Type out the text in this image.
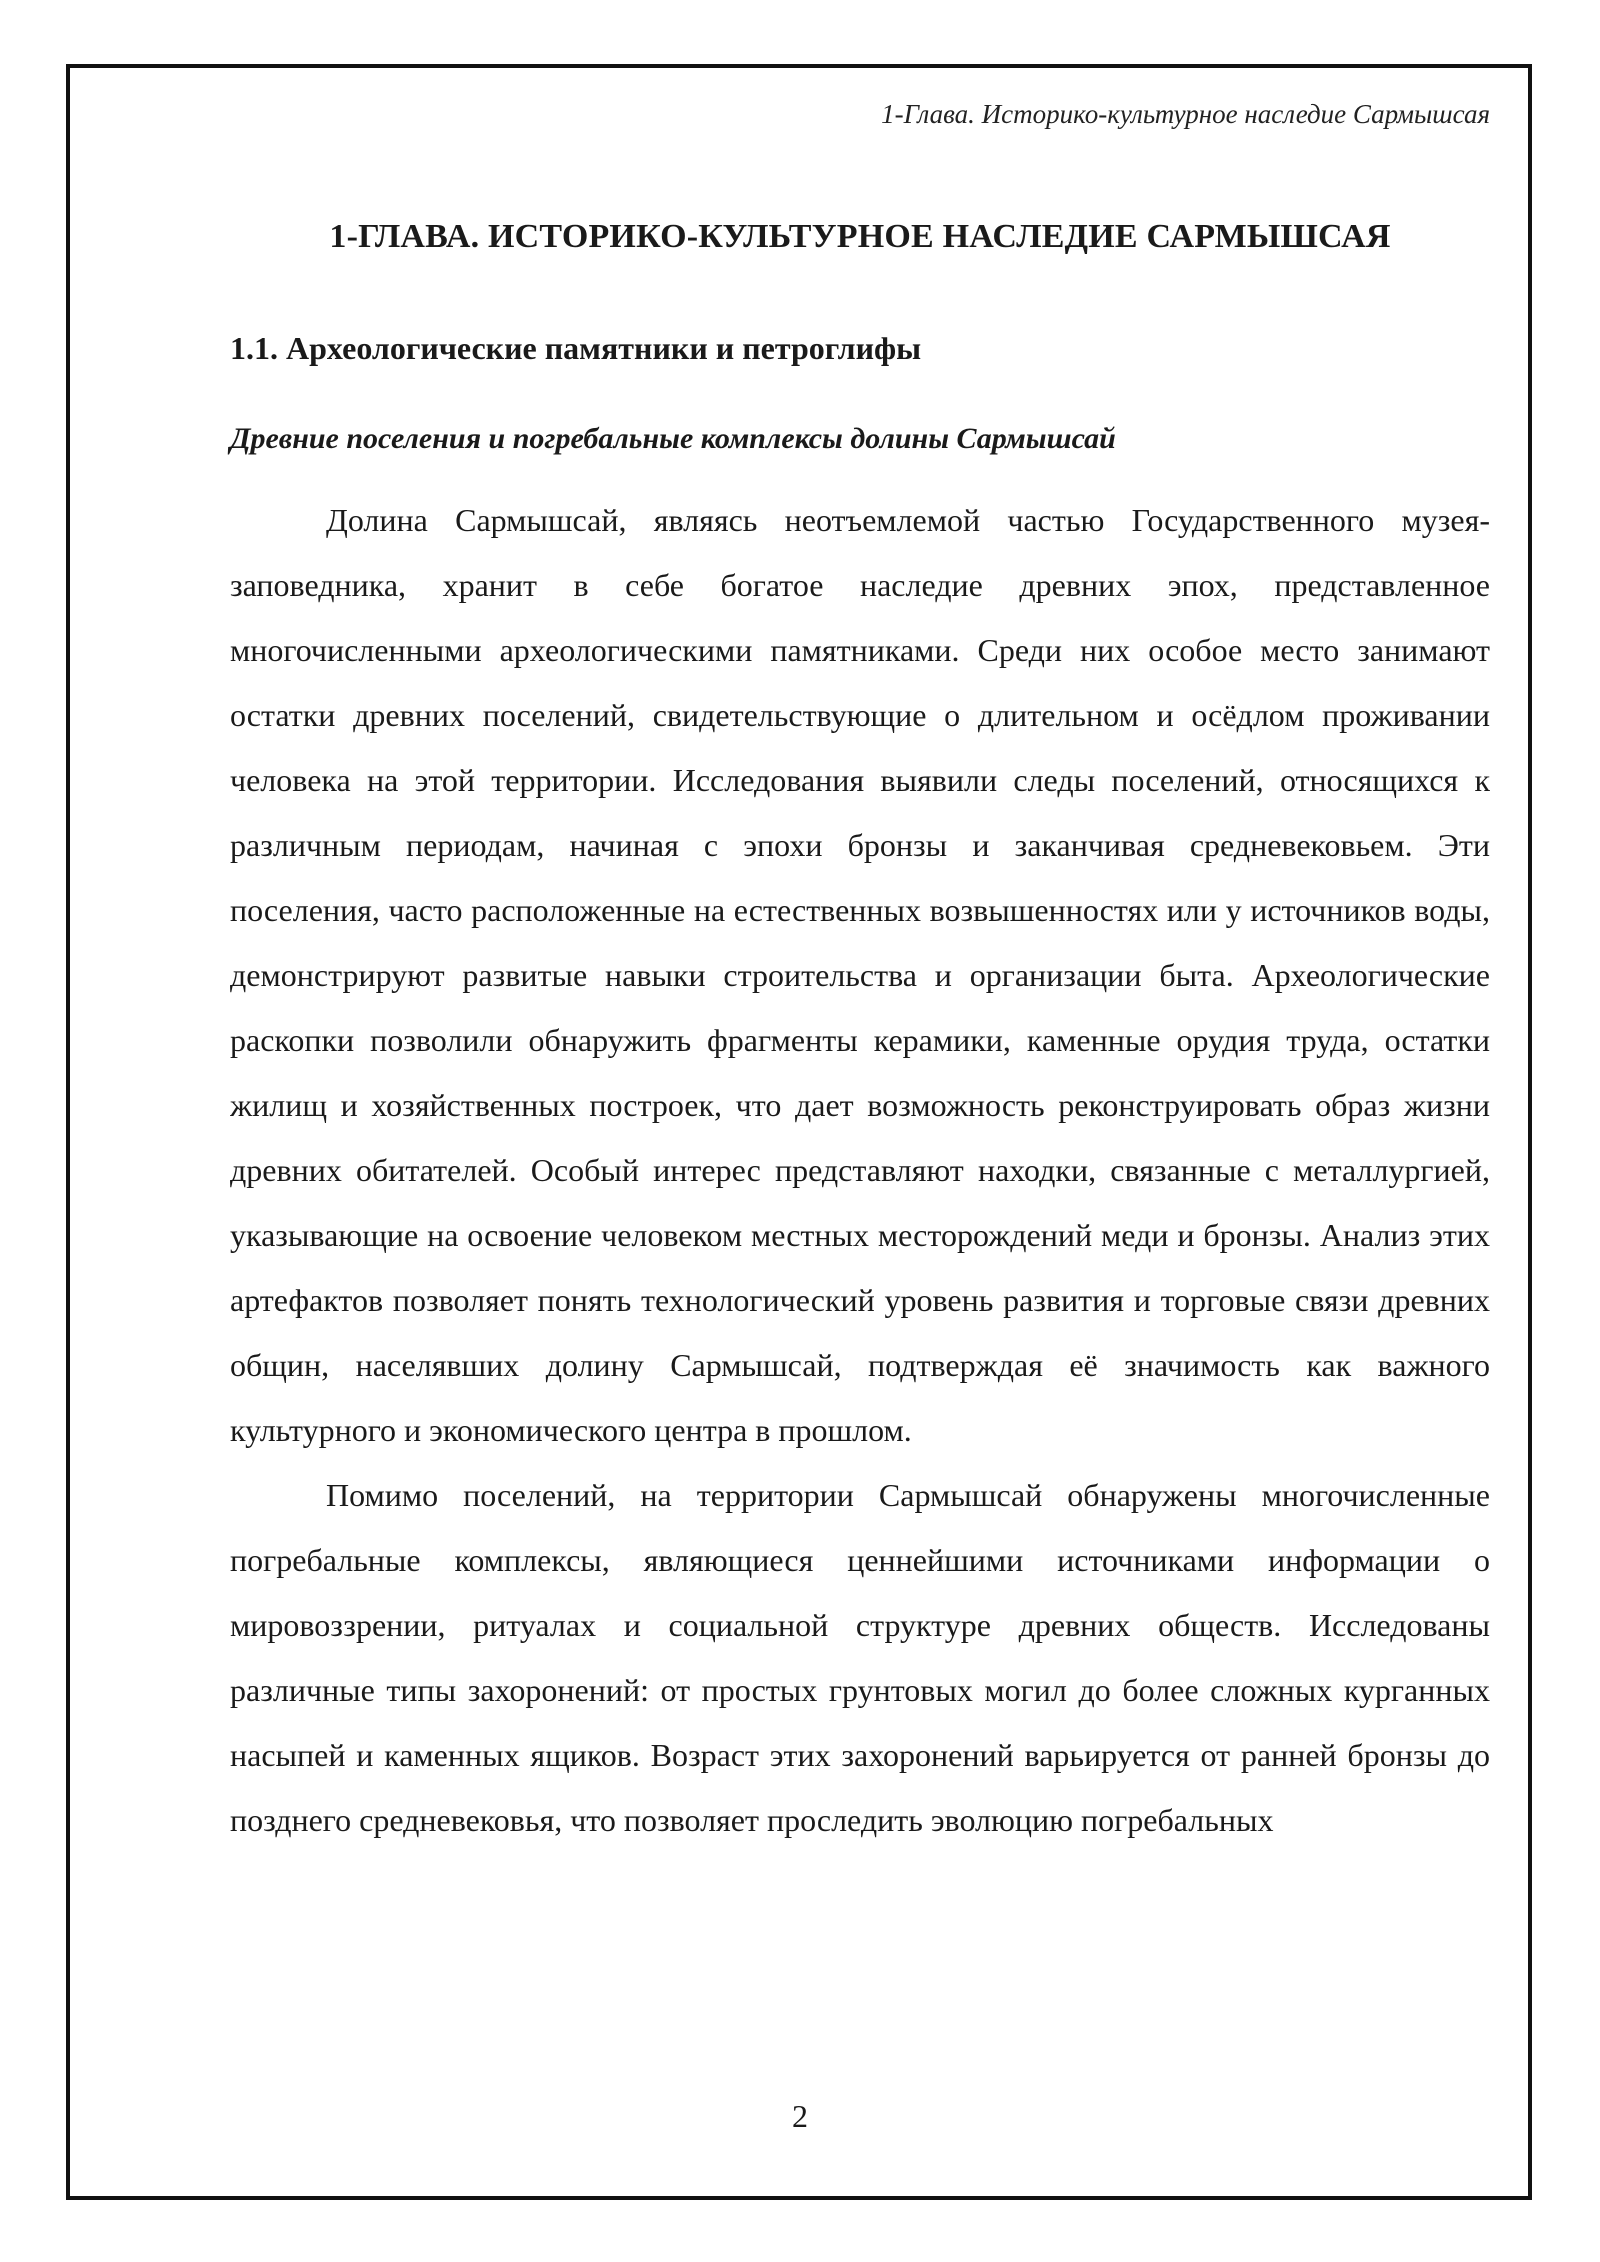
1-Глава. Историко-культурное наследие Сармышсая
1-ГЛАВА. ИСТОРИКО-КУЛЬТУРНОЕ НАСЛЕДИЕ САРМЫШСАЯ
1.1. Археологические памятники и петроглифы
Древние поселения и погребальные комплексы долины Сармышсай

Долина Сармышсай, являясь неотъемлемой частью Государственного музея-заповедника, хранит в себе богатое наследие древних эпох, представленное многочисленными археологическими памятниками. Среди них особое место занимают остатки древних поселений, свидетельствующие о длительном и осёдлом проживании человека на этой территории. Исследования выявили следы поселений, относящихся к различным периодам, начиная с эпохи бронзы и заканчивая средневековьем. Эти поселения, часто расположенные на естественных возвышенностях или у источников воды, демонстрируют развитые навыки строительства и организации быта. Археологические раскопки позволили обнаружить фрагменты керамики, каменные орудия труда, остатки жилищ и хозяйственных построек, что дает возможность реконструировать образ жизни древних обитателей. Особый интерес представляют находки, связанные с металлургией, указывающие на освоение человеком местных месторождений меди и бронзы. Анализ этих артефактов позволяет понять технологический уровень развития и торговые связи древних общин, населявших долину Сармышсай, подтверждая её значимость как важного культурного и экономического центра в прошлом.

Помимо поселений, на территории Сармышсай обнаружены многочисленные погребальные комплексы, являющиеся ценнейшими источниками информации о мировоззрении, ритуалах и социальной структуре древних обществ. Исследованы различные типы захоронений: от простых грунтовых могил до более сложных курганных насыпей и каменных ящиков. Возраст этих захоронений варьируется от ранней бронзы до позднего средневековья, что позволяет проследить эволюцию погребальных

2
